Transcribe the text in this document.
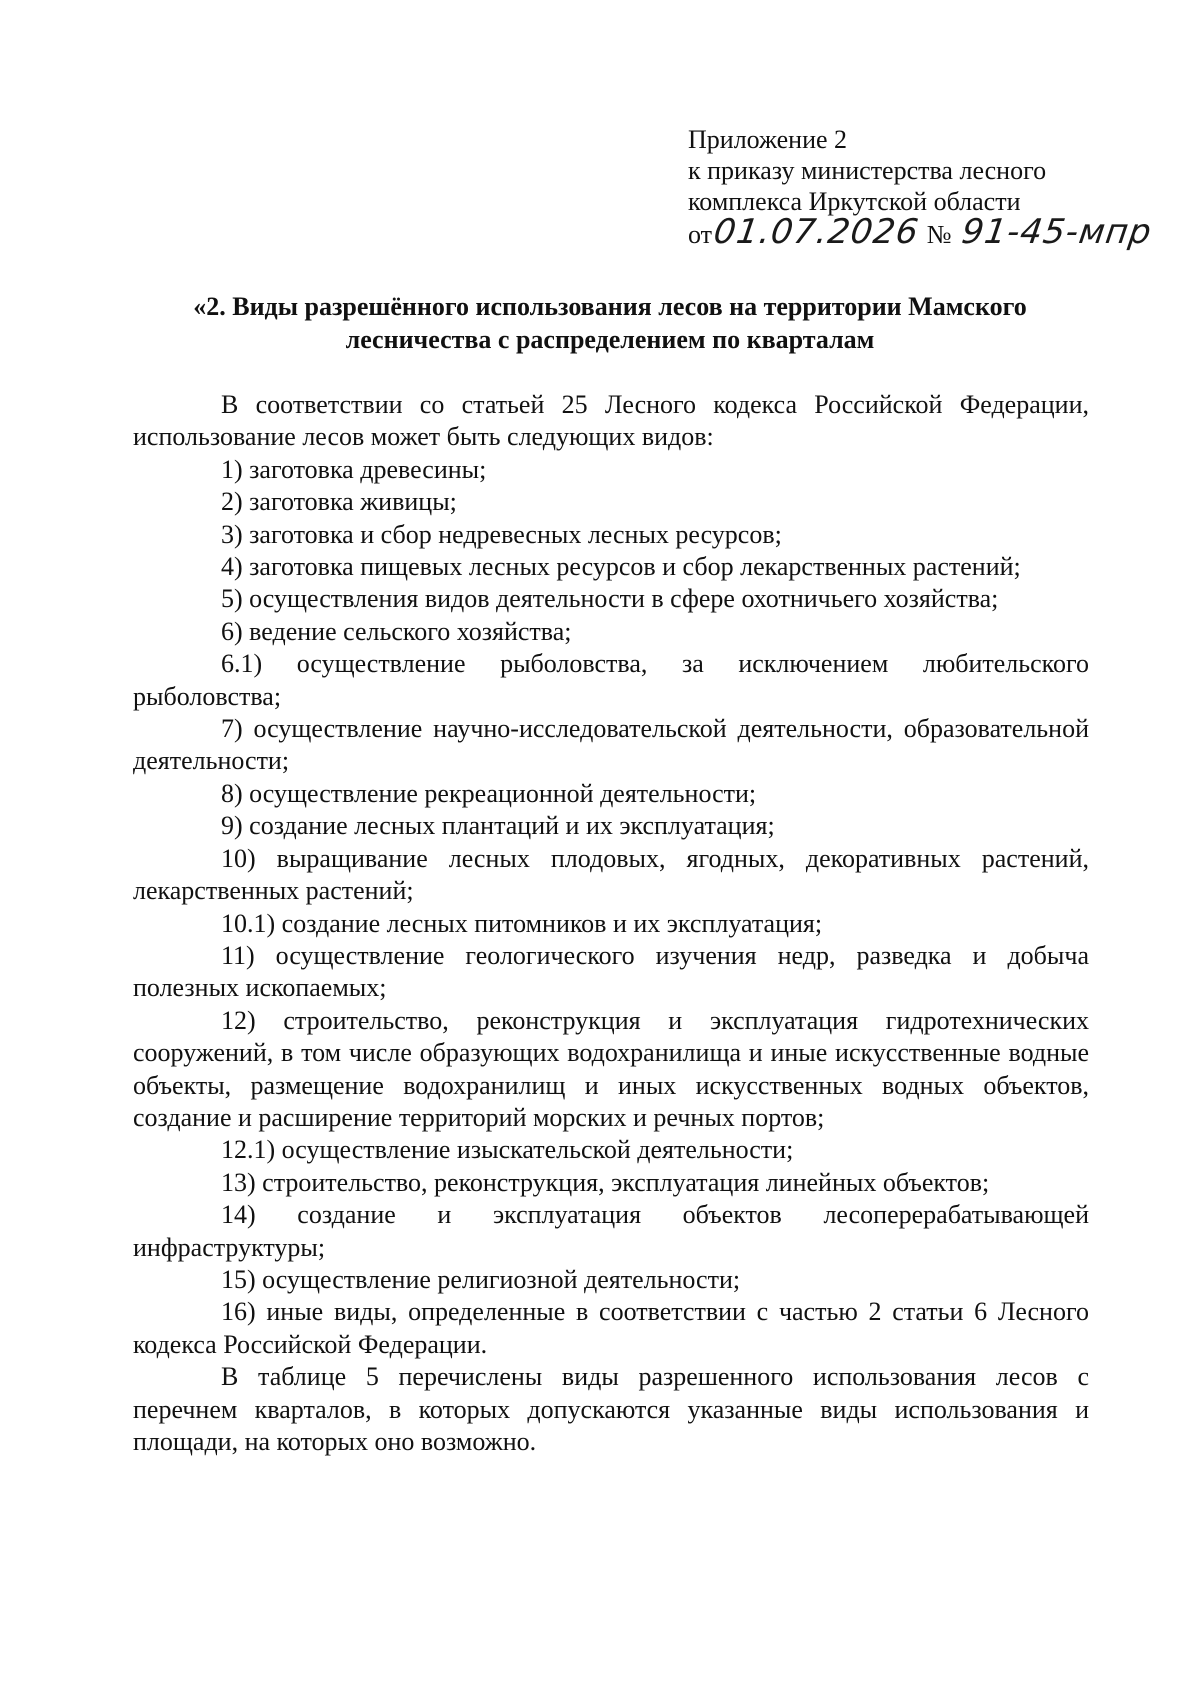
Приложение 2
к приказу министерства лесного
комплекса Иркутской области
от01.07.2026 № 91-45-мпр
«2. Виды разрешённого использования лесов на территории Мамского лесничества с распределением по кварталам

В соответствии со статьей 25 Лесного кодекса Российской Федерации, использование лесов может быть следующих видов:

1) заготовка древесины;

2) заготовка живицы;

3) заготовка и сбор недревесных лесных ресурсов;

4) заготовка пищевых лесных ресурсов и сбор лекарственных растений;

5) осуществления видов деятельности в сфере охотничьего хозяйства;

6) ведение сельского хозяйства;

6.1) осуществление рыболовства, за исключением любительского рыболовства;

7) осуществление научно-исследовательской деятельности, образовательной деятельности;

8) осуществление рекреационной деятельности;

9) создание лесных плантаций и их эксплуатация;

10) выращивание лесных плодовых, ягодных, декоративных растений, лекарственных растений;

10.1) создание лесных питомников и их эксплуатация;

11) осуществление геологического изучения недр, разведка и добыча полезных ископаемых;

12) строительство, реконструкция и эксплуатация гидротехнических сооружений, в том числе образующих водохранилища и иные искусственные водные объекты, размещение водохранилищ и иных искусственных водных объектов, создание и расширение территорий морских и речных портов;

12.1) осуществление изыскательской деятельности;

13) строительство, реконструкция, эксплуатация линейных объектов;

14) создание и эксплуатация объектов лесоперерабатывающей инфраструктуры;

15) осуществление религиозной деятельности;

16) иные виды, определенные в соответствии с частью 2 статьи 6 Лесного кодекса Российской Федерации.

В таблице 5 перечислены виды разрешенного использования лесов с перечнем кварталов, в которых допускаются указанные виды использования и площади, на которых оно возможно.
